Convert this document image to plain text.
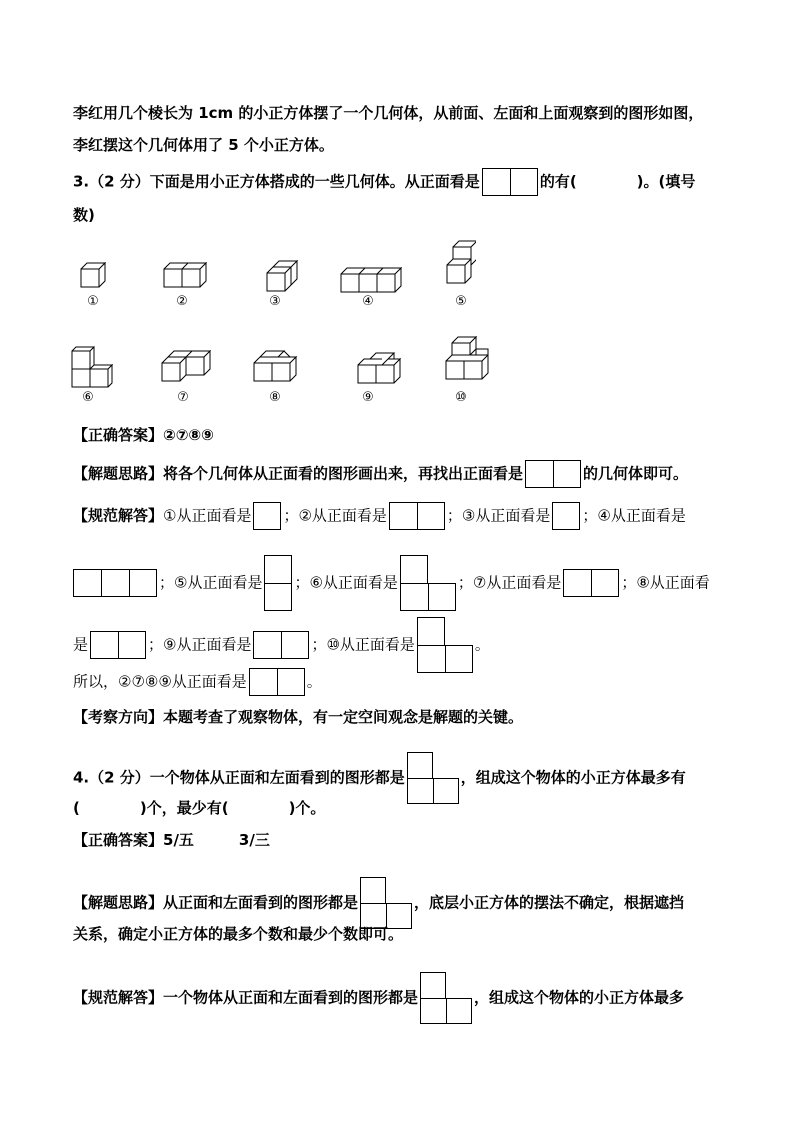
李红用几个棱长为 1cm 的小正方体摆了一个几何体，从前面、左面和上面观察到的图形如图，
李红摆这个几何体用了 5 个小正方体。
3.（2 分）下面是用小正方体搭成的一些几何体。从正面看是	的有(　　　　)。(填号
数)
①	②	③	④	⑤
⑥	⑦	⑧	⑨	⑩
【正确答案】②⑦⑧⑨
【解题思路】将各个几何体从正面看的图形画出来，再找出正面看是	的几何体即可。
【规范解答】①从正面看是 ；②从正面看是	；③从正面看是 ；④从正面看是
；⑤从正面看是 ；⑥从正面看是	；⑦从正面看是	；⑧从正面看
是	；⑨从正面看是	；⑩从正面看是	。
所以，②⑦⑧⑨从正面看是	。
【考察方向】本题考查了观察物体，有一定空间观念是解题的关键。
4.（2 分）一个物体从正面和左面看到的图形都是	，组成这个物体的小正方体最多有
(　　　　)个，最少有(　　　　)个。
【正确答案】5/五　　　3/三
【解题思路】从正面和左面看到的图形都是	，底层小正方体的摆法不确定，根据遮挡
关系，确定小正方体的最多个数和最少个数即可。
【规范解答】一个物体从正面和左面看到的图形都是	，组成这个物体的小正方体最多
